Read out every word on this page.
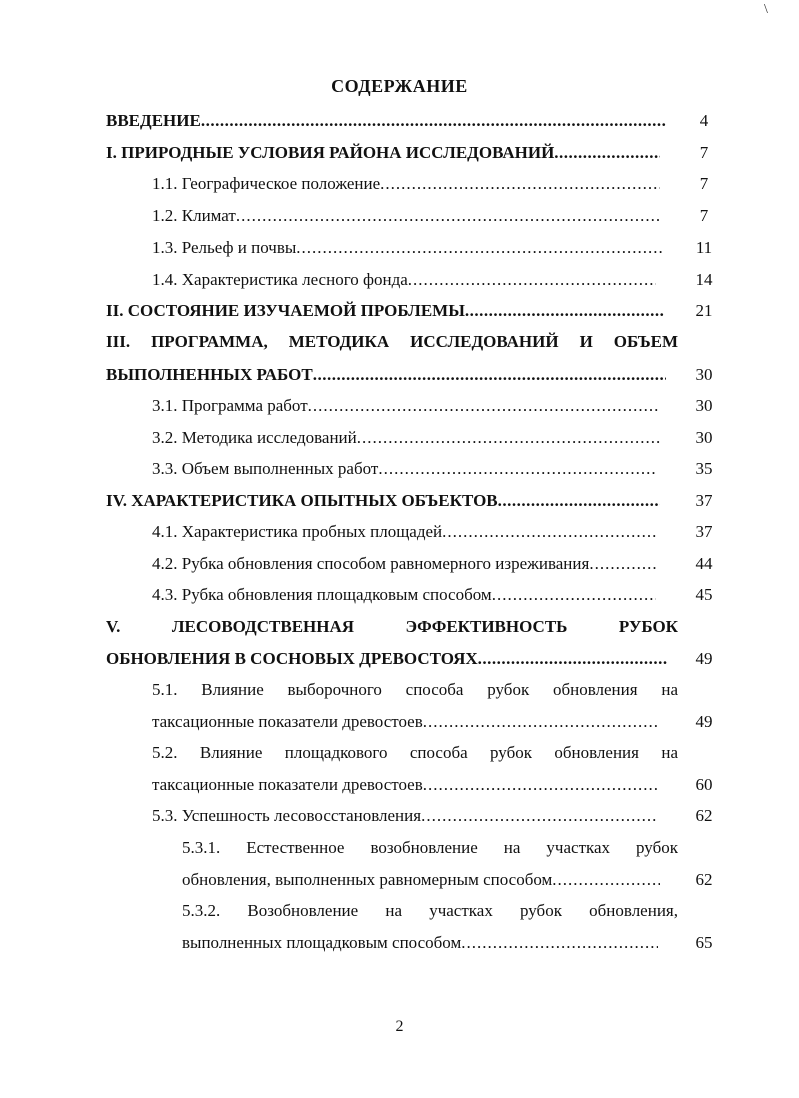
\
СОДЕРЖАНИЕ
ВВЕДЕНИЕ .....	4
I. ПРИРОДНЫЕ УСЛОВИЯ РАЙОНА ИССЛЕДОВАНИЙ .....	7
1.1. Географическое положение .....	7
1.2. Климат .....	7
1.3. Рельеф и почвы .....	11
1.4. Характеристика лесного фонда .....	14
II. СОСТОЯНИЕ ИЗУЧАЕМОЙ ПРОБЛЕМЫ .....	21
III. ПРОГРАММА, МЕТОДИКА ИССЛЕДОВАНИЙ И ОБЪЕМ
ВЫПОЛНЕННЫХ РАБОТ .....	30
3.1. Программа работ .....	30
3.2. Методика исследований .....	30
3.3. Объем выполненных работ .....	35
IV. ХАРАКТЕРИСТИКА ОПЫТНЫХ ОБЪЕКТОВ .....	37
4.1. Характеристика пробных площадей .....	37
4.2. Рубка обновления способом равномерного изреживания .....	44
4.3. Рубка обновления площадковым способом .....	45
V. ЛЕСОВОДСТВЕННАЯ ЭФФЕКТИВНОСТЬ РУБОК
ОБНОВЛЕНИЯ В СОСНОВЫХ ДРЕВОСТОЯХ .....	49
5.1. Влияние выборочного способа рубок обновления на
таксационные показатели древостоев .....	49
5.2. Влияние площадкового способа рубок обновления на
таксационные показатели древостоев .....	60
5.3. Успешность лесовосстановления .....	62
5.3.1. Естественное возобновление на участках рубок
обновления, выполненных равномерным способом .....	62
5.3.2. Возобновление на участках рубок обновления,
выполненных площадковым способом .....	65
2
